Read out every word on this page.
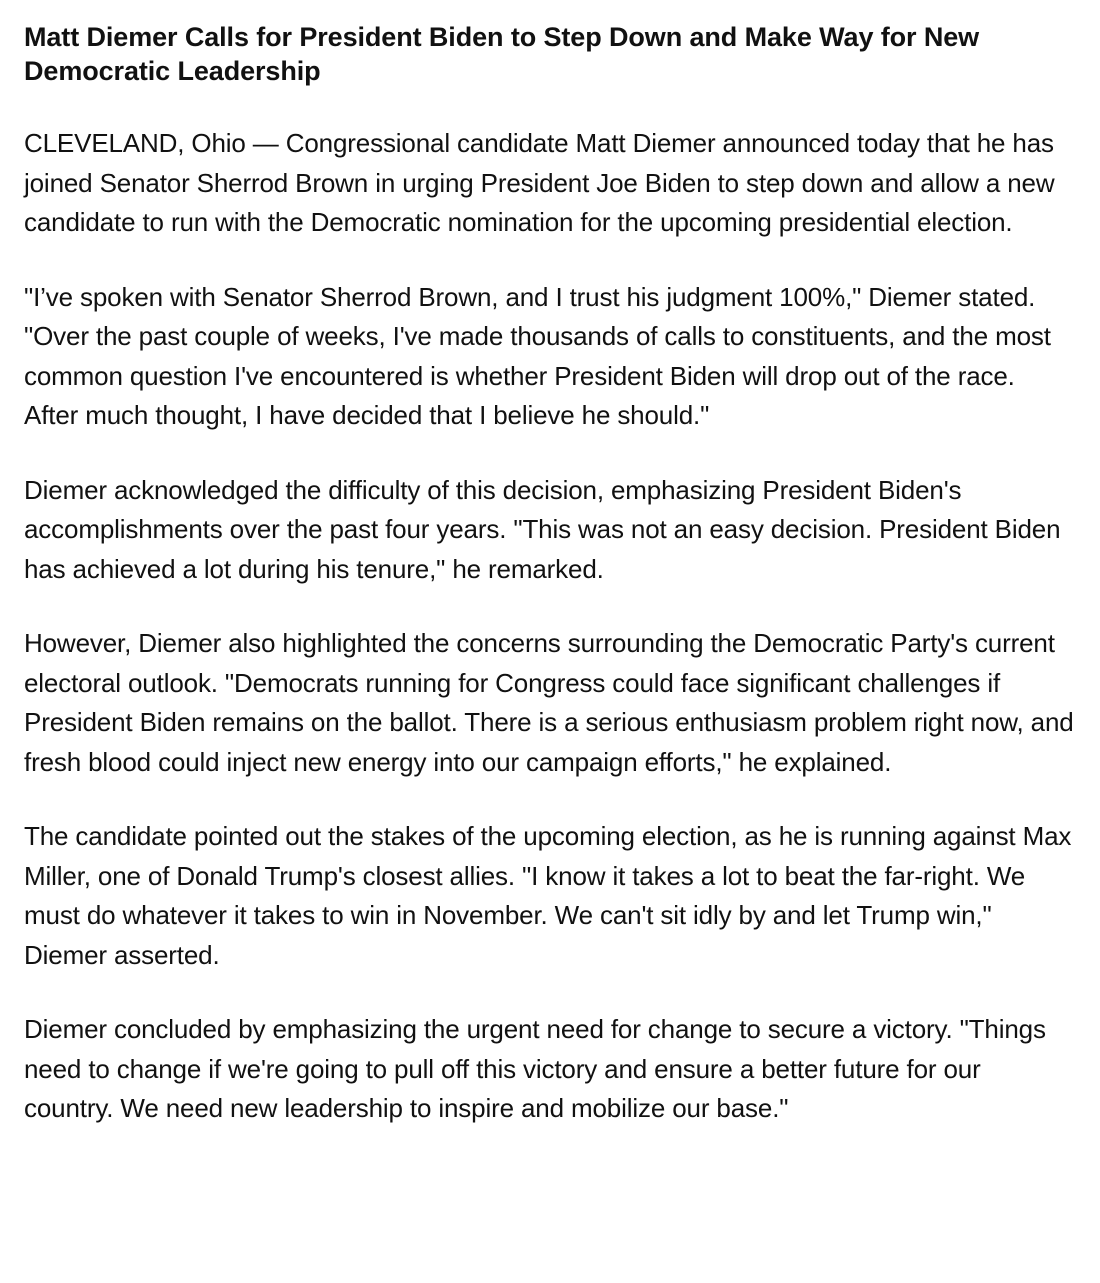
Matt Diemer Calls for President Biden to Step Down and Make Way for New Democratic Leadership

CLEVELAND, Ohio — Congressional candidate Matt Diemer announced today that he has joined Senator Sherrod Brown in urging President Joe Biden to step down and allow a new candidate to run with the Democratic nomination for the upcoming presidential election.

"I’ve spoken with Senator Sherrod Brown, and I trust his judgment 100%," Diemer stated. "Over the past couple of weeks, I've made thousands of calls to constituents, and the most common question I've encountered is whether President Biden will drop out of the race. After much thought, I have decided that I believe he should."

Diemer acknowledged the difficulty of this decision, emphasizing President Biden's accomplishments over the past four years. "This was not an easy decision. President Biden has achieved a lot during his tenure," he remarked.

However, Diemer also highlighted the concerns surrounding the Democratic Party's current electoral outlook. "Democrats running for Congress could face significant challenges if President Biden remains on the ballot. There is a serious enthusiasm problem right now, and fresh blood could inject new energy into our campaign efforts," he explained.

The candidate pointed out the stakes of the upcoming election, as he is running against Max Miller, one of Donald Trump's closest allies. "I know it takes a lot to beat the far-right. We must do whatever it takes to win in November. We can't sit idly by and let Trump win," Diemer asserted.

Diemer concluded by emphasizing the urgent need for change to secure a victory. "Things need to change if we're going to pull off this victory and ensure a better future for our country. We need new leadership to inspire and mobilize our base."
